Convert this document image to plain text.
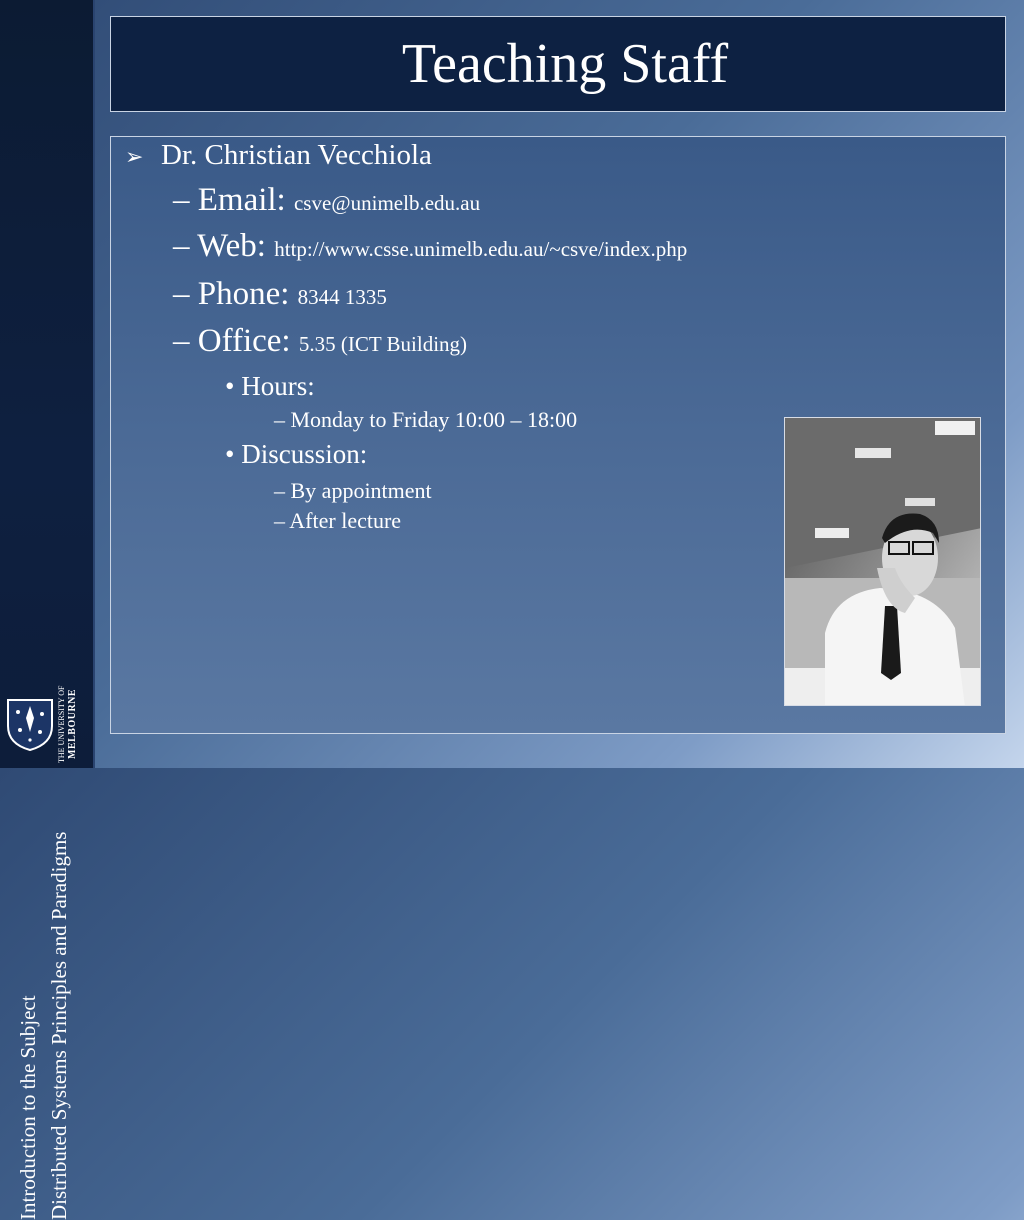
Introduction to the Subject Distributed Systems Principles and Paradigms
THE UNIVERSITY OF
MELBOURNE
Teaching Staff
➢ Dr. Christian Vecchiola
– Email: csve@unimelb.edu.au
– Web: http://www.csse.unimelb.edu.au/~csve/index.php
– Phone: 8344 1335
– Office: 5.35 (ICT Building)
• Hours:
– Monday to Friday 10:00 – 18:00
• Discussion:
– By appointment
– After lecture
